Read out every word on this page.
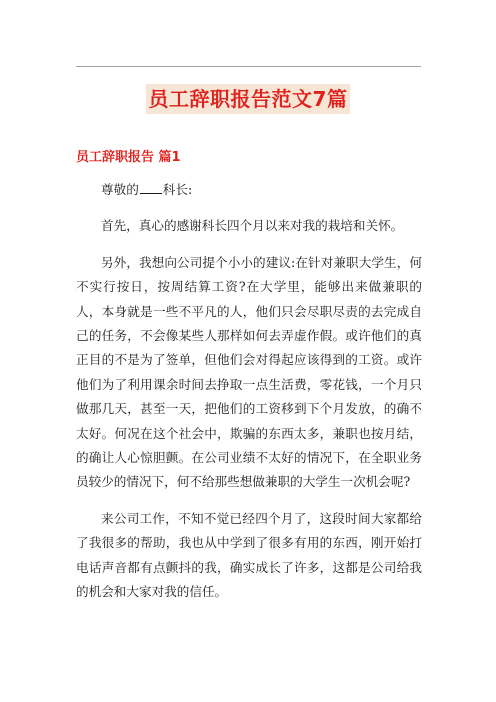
员工辞职报告范文7篇
员工辞职报告 篇1

尊敬的 科长:

首先，真心的感谢科长四个月以来对我的栽培和关怀。

另外，我想向公司提个小小的建议:在针对兼职大学生，何不实行按日，按周结算工资?在大学里，能够出来做兼职的人，本身就是一些不平凡的人，他们只会尽职尽责的去完成自己的任务，不会像某些人那样如何去弄虚作假。或许他们的真正目的不是为了签单，但他们会对得起应该得到的工资。或许他们为了利用课余时间去挣取一点生活费，零花钱，一个月只做那几天，甚至一天，把他们的工资移到下个月发放，的确不太好。何况在这个社会中，欺骗的东西太多，兼职也按月结，的确让人心惊胆颤。在公司业绩不太好的情况下，在全职业务员较少的情况下，何不给那些想做兼职的大学生一次机会呢?

来公司工作，不知不觉已经四个月了，这段时间大家都给了我很多的帮助，我也从中学到了很多有用的东西，刚开始打电话声音都有点颤抖的我，确实成长了许多，这都是公司给我的机会和大家对我的信任。
